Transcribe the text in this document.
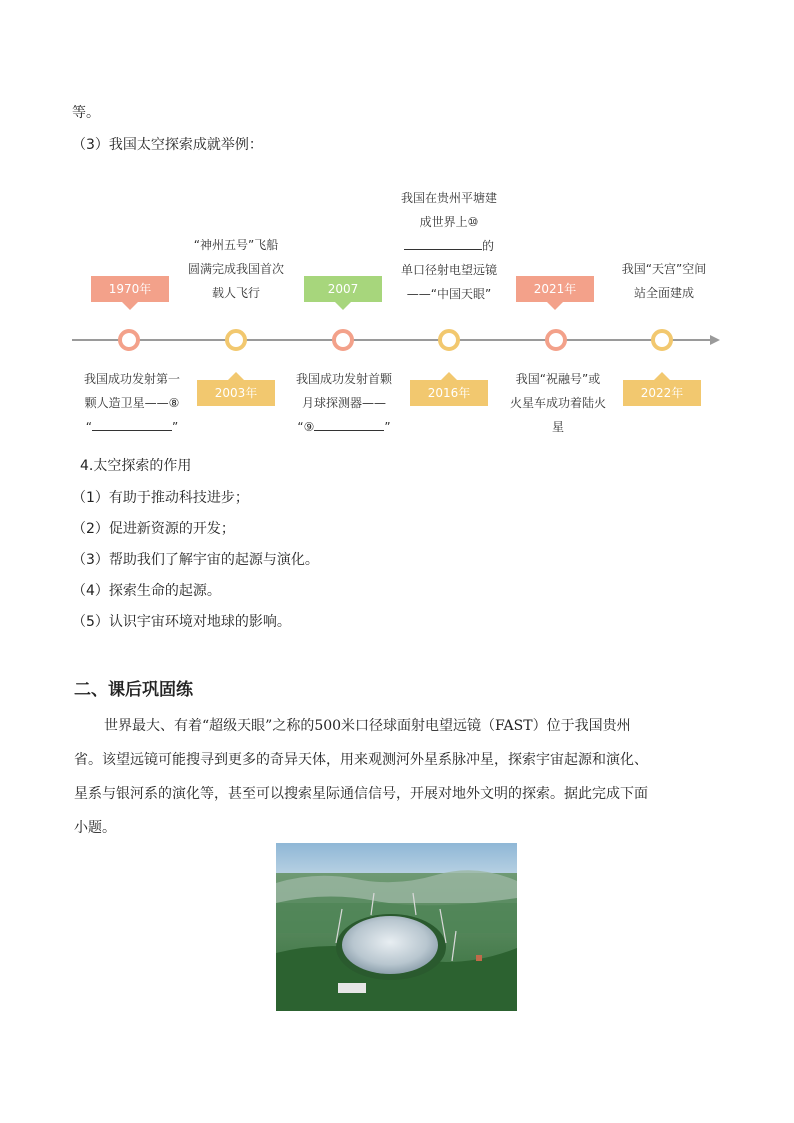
等。
（3）我国太空探索成就举例：
1970年	2007	2021年
2003年	2016年	2022年
“神州五号”飞船
圆满完成我国首次
载人飞行
我国在贵州平塘建
成世界上⑩
的
单口径射电望远镜
——“中国天眼”
我国“天宫”空间
站全面建成
我国成功发射第一
颗人造卫星——⑧
“	”
我国成功发射首颗
月球探测器——
“⑨	”
我国“祝融号”或
火星车成功着陆火
星
4.太空探索的作用
（1）有助于推动科技进步；
（2）促进新资源的开发；
（3）帮助我们了解宇宙的起源与演化。
（4）探索生命的起源。
（5）认识宇宙环境对地球的影响。
二、课后巩固练
世界最大、有着“超级天眼”之称的500米口径球面射电望远镜（FAST）位于我国贵州
省。该望远镜可能搜寻到更多的奇异天体，用来观测河外星系脉冲星，探索宇宙起源和演化、
星系与银河系的演化等，甚至可以搜索星际通信信号，开展对地外文明的探索。据此完成下面
小题。
